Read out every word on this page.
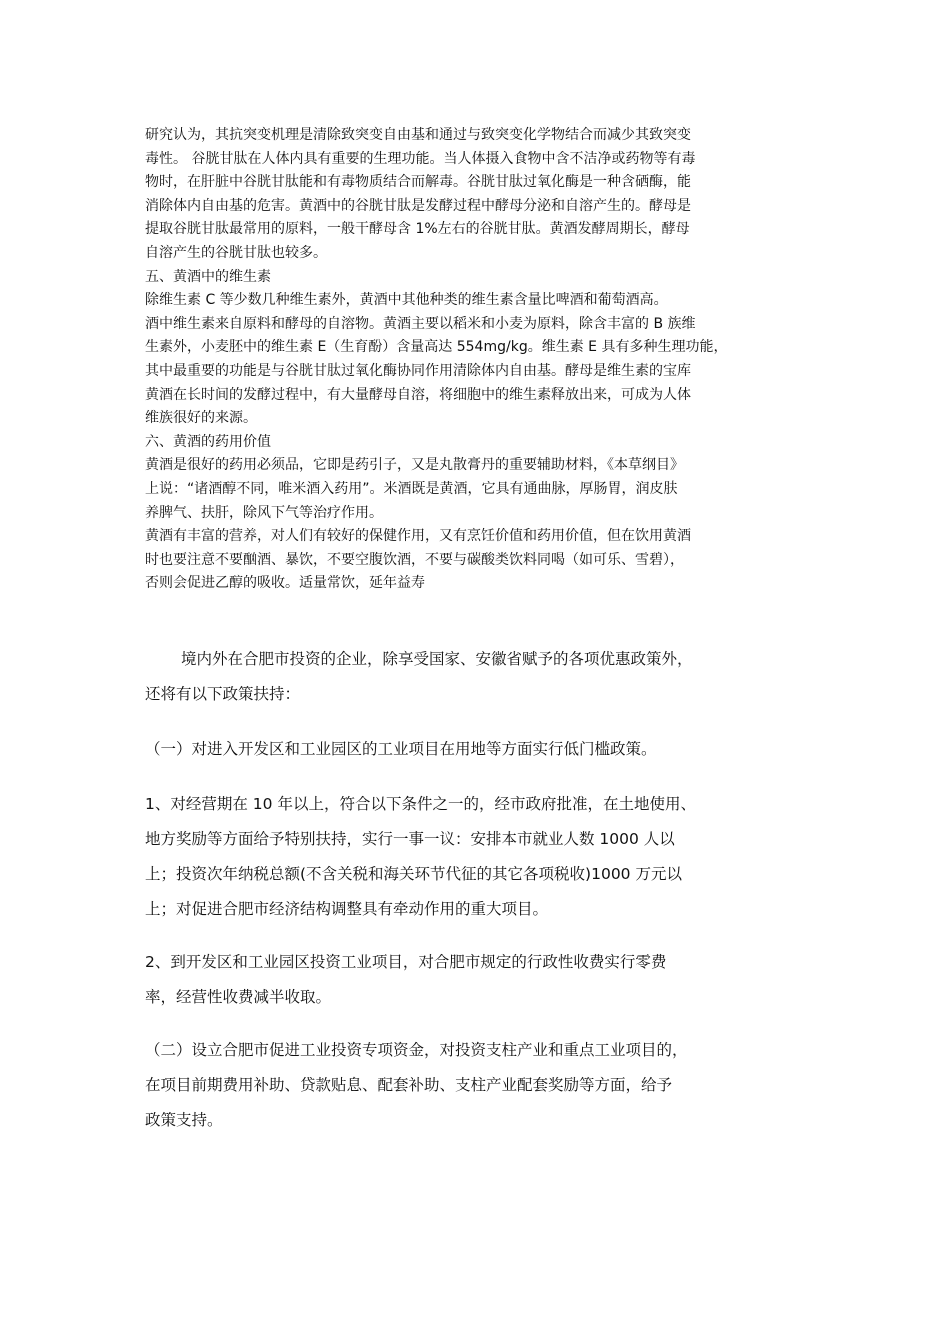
研究认为，其抗突变机理是清除致突变自由基和通过与致突变化学物结合而减少其致突变
毒性。 谷胱甘肽在人体内具有重要的生理功能。当人体摄入食物中含不洁净或药物等有毒
物时，在肝脏中谷胱甘肽能和有毒物质结合而解毒。谷胱甘肽过氧化酶是一种含硒酶，能
消除体内自由基的危害。黄酒中的谷胱甘肽是发酵过程中酵母分泌和自溶产生的。酵母是
提取谷胱甘肽最常用的原料，一般干酵母含 1%左右的谷胱甘肽。黄酒发酵周期长，酵母
自溶产生的谷胱甘肽也较多。
五、黄酒中的维生素
除维生素 C 等少数几种维生素外，黄酒中其他种类的维生素含量比啤酒和葡萄酒高。
酒中维生素来自原料和酵母的自溶物。黄酒主要以稻米和小麦为原料，除含丰富的 B 族维
生素外，小麦胚中的维生素 E（生育酚）含量高达 554mg/kg。维生素 E 具有多种生理功能，
其中最重要的功能是与谷胱甘肽过氧化酶协同作用清除体内自由基。酵母是维生素的宝库
黄酒在长时间的发酵过程中，有大量酵母自溶，将细胞中的维生素释放出来，可成为人体
维族很好的来源。
六、黄酒的药用价值
黄酒是很好的药用必须品，它即是药引子，又是丸散膏丹的重要辅助材料，《本草纲目》
上说：“诸酒醇不同，唯米酒入药用”。米酒既是黄酒，它具有通曲脉，厚肠胃，润皮肤
养脾气、扶肝，除风下气等治疗作用。
黄酒有丰富的营养，对人们有较好的保健作用，又有烹饪价值和药用价值，但在饮用黄酒
时也要注意不要酗酒、暴饮，不要空腹饮酒，不要与碳酸类饮料同喝（如可乐、雪碧），
否则会促进乙醇的吸收。适量常饮，延年益寿
境内外在合肥市投资的企业，除享受国家、安徽省赋予的各项优惠政策外，
还将有以下政策扶持：
（一）对进入开发区和工业园区的工业项目在用地等方面实行低门槛政策。
1、对经营期在 10 年以上，符合以下条件之一的，经市政府批准，在土地使用、
地方奖励等方面给予特别扶持，实行一事一议：安排本市就业人数 1000 人以
上；投资次年纳税总额(不含关税和海关环节代征的其它各项税收)1000 万元以
上；对促进合肥市经济结构调整具有牵动作用的重大项目。
2、到开发区和工业园区投资工业项目，对合肥市规定的行政性收费实行零费
率，经营性收费减半收取。
（二）设立合肥市促进工业投资专项资金，对投资支柱产业和重点工业项目的，
在项目前期费用补助、贷款贴息、配套补助、支柱产业配套奖励等方面，给予
政策支持。
